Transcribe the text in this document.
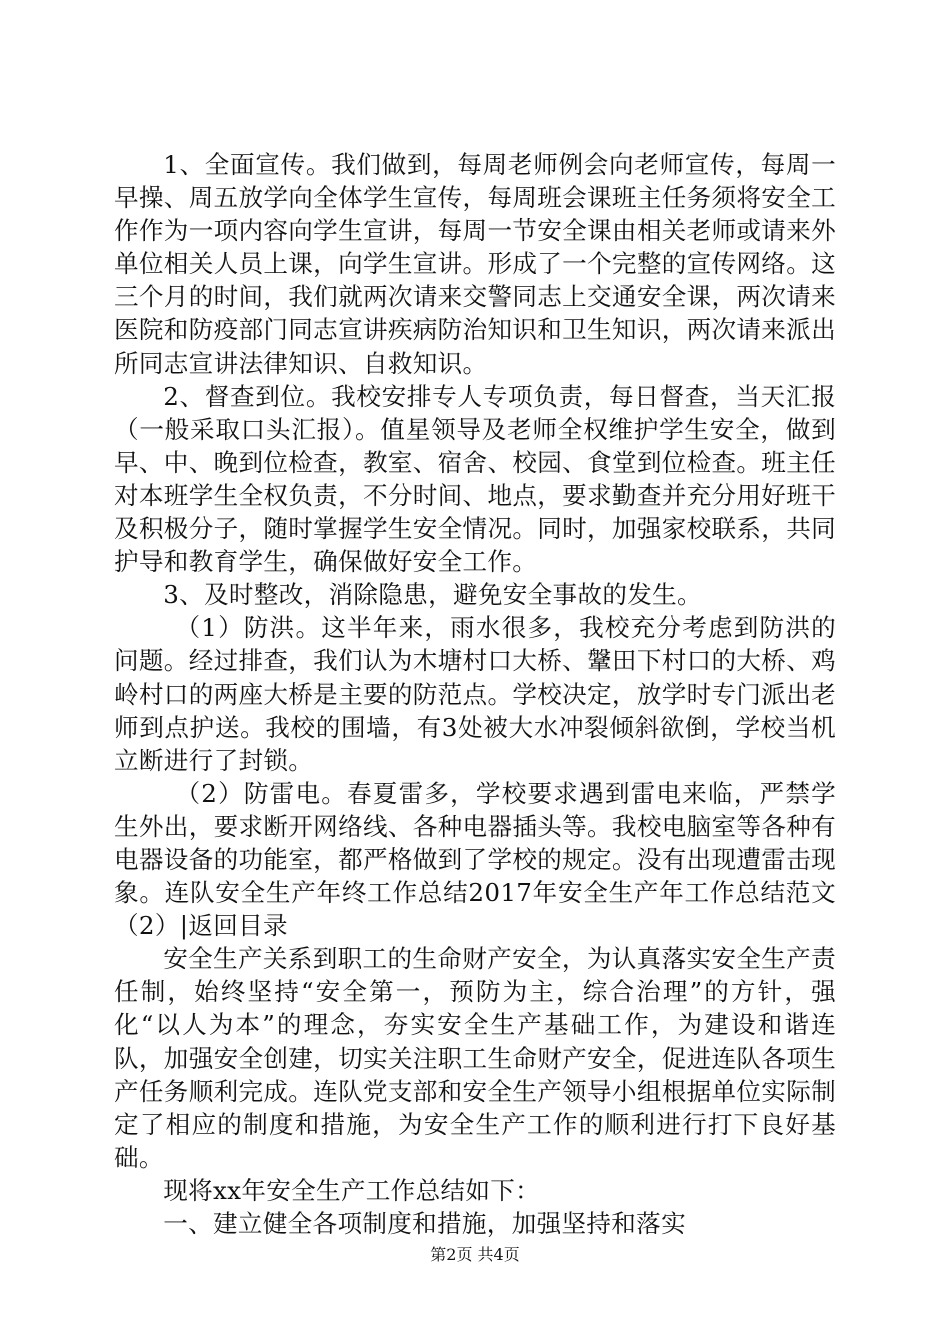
1、全面宣传。我们做到，每周老师例会向老师宣传，每周一早操、周五放学向全体学生宣传，每周班会课班主任务须将安全工作作为一项内容向学生宣讲，每周一节安全课由相关老师或请来外单位相关人员上课，向学生宣讲。形成了一个完整的宣传网络。这三个月的时间，我们就两次请来交警同志上交通安全课，两次请来医院和防疫部门同志宣讲疾病防治知识和卫生知识，两次请来派出所同志宣讲法律知识、自救知识。

2、督查到位。我校安排专人专项负责，每日督查，当天汇报（一般采取口头汇报）。值星领导及老师全权维护学生安全，做到早、中、晚到位检查，教室、宿舍、校园、食堂到位检查。班主任对本班学生全权负责，不分时间、地点，要求勤查并充分用好班干及积极分子，随时掌握学生安全情况。同时，加强家校联系，共同护导和教育学生，确保做好安全工作。

3、及时整改，消除隐患，避免安全事故的发生。

（1）防洪。这半年来，雨水很多，我校充分考虑到防洪的问题。经过排查，我们认为木塘村口大桥、鞶田下村口的大桥、鸡岭村口的两座大桥是主要的防范点。学校决定，放学时专门派出老师到点护送。我校的围墙，有3处被大水冲裂倾斜欲倒，学校当机立断进行了封锁。

（2）防雷电。春夏雷多，学校要求遇到雷电来临，严禁学生外出，要求断开网络线、各种电器插头等。我校电脑室等各种有电器设备的功能室，都严格做到了学校的规定。没有出现遭雷击现象。连队安全生产年终工作总结2017年安全生产年工作总结范文（2）|返回目录

安全生产关系到职工的生命财产安全，为认真落实安全生产责任制，始终坚持“安全第一，预防为主，综合治理”的方针，强化“以人为本”的理念，夯实安全生产基础工作，为建设和谐连队，加强安全创建，切实关注职工生命财产安全，促进连队各项生产任务顺利完成。连队党支部和安全生产领导小组根据单位实际制定了相应的制度和措施，为安全生产工作的顺利进行打下良好基础。

现将xx年安全生产工作总结如下：

一、建立健全各项制度和措施，加强坚持和落实

第2页 共4页
